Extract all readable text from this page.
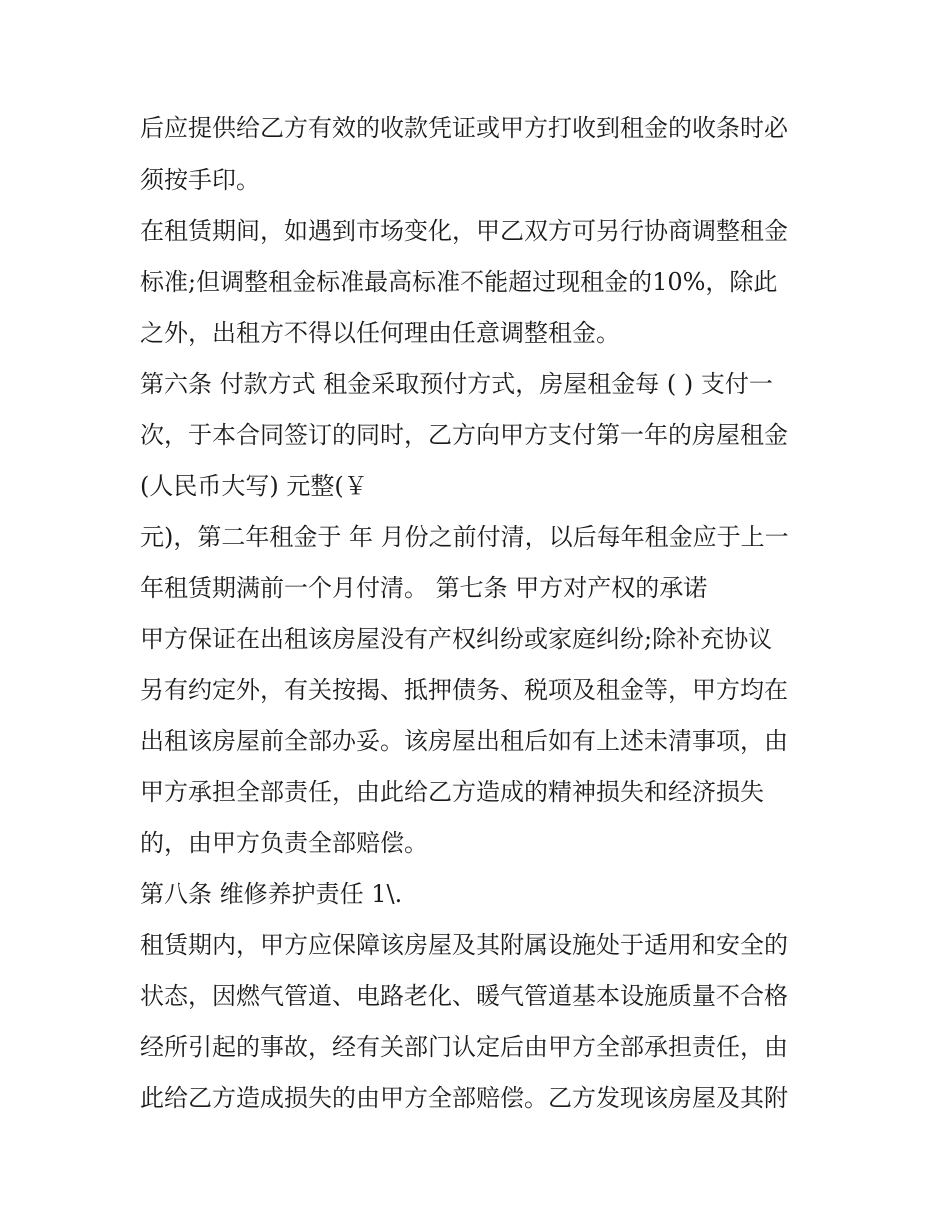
后应提供给乙方有效的收款凭证或甲方打收到租金的收条时必
须按手印。
在租赁期间，如遇到市场变化，甲乙双方可另行协商调整租金
标准;但调整租金标准最高标准不能超过现租金的10%，除此
之外，出租方不得以任何理由任意调整租金。
第六条 付款方式 租金采取预付方式，房屋租金每 ( ) 支付一
次，于本合同签订的同时，乙方向甲方支付第一年的房屋租金
(人民币大写) 元整(￥
元)，第二年租金于 年 月份之前付清，以后每年租金应于上一
年租赁期满前一个月付清。 第七条 甲方对产权的承诺
甲方保证在出租该房屋没有产权纠纷或家庭纠纷;除补充协议
另有约定外，有关按揭、抵押债务、税项及租金等，甲方均在
出租该房屋前全部办妥。该房屋出租后如有上述未清事项，由
甲方承担全部责任，由此给乙方造成的精神损失和经济损失
的，由甲方负责全部赔偿。
第八条 维修养护责任 1\.
租赁期内，甲方应保障该房屋及其附属设施处于适用和安全的
状态，因燃气管道、电路老化、暖气管道基本设施质量不合格
经所引起的事故，经有关部门认定后由甲方全部承担责任，由
此给乙方造成损失的由甲方全部赔偿。乙方发现该房屋及其附
